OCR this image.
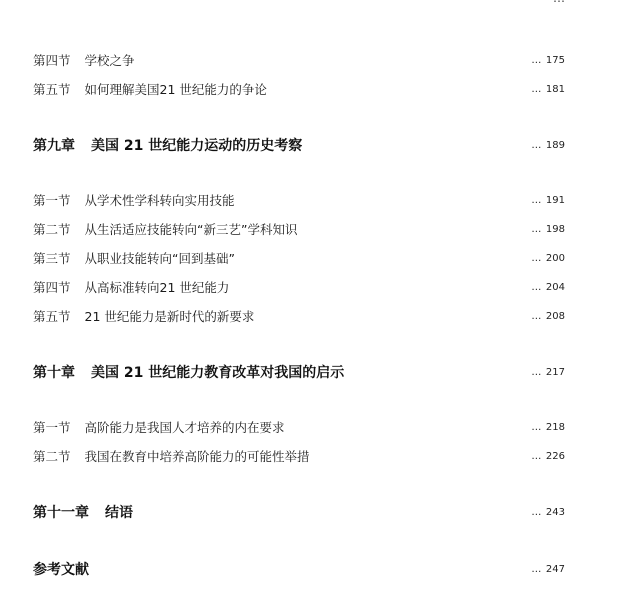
第四节 学校之争	… 175
第五节 如何理解美国21 世纪能力的争论	… 181
第九章 美国 21 世纪能力运动的历史考察	… 189
第一节 从学术性学科转向实用技能	… 191
第二节 从生活适应技能转向“新三艺”学科知识	… 198
第三节 从职业技能转向“回到基础”	… 200
第四节 从高标准转向21 世纪能力	… 204
第五节 21 世纪能力是新时代的新要求	… 208
第十章 美国 21 世纪能力教育改革对我国的启示	… 217
第一节 高阶能力是我国人才培养的内在要求	… 218
第二节 我国在教育中培养高阶能力的可能性举措	… 226
第十一章 结语	… 243
参考文献	… 247
